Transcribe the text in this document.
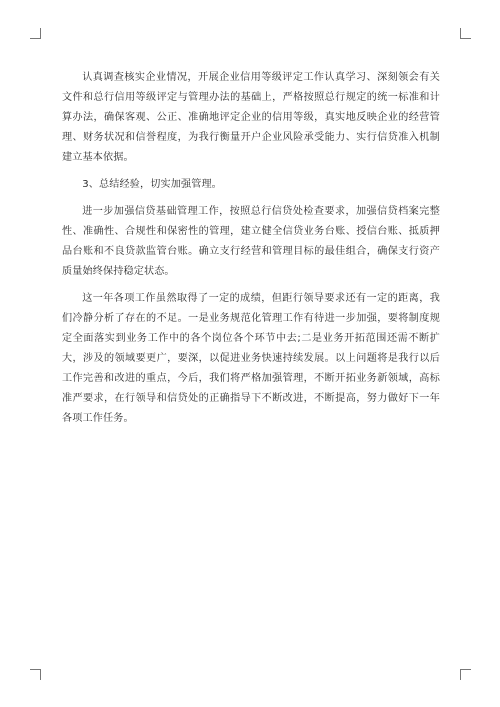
认真调查核实企业情况，开展企业信用等级评定工作认真学习、深刻领会有关文件和总行信用等级评定与管理办法的基础上，严格按照总行规定的统一标准和计算办法，确保客观、公正、准确地评定企业的信用等级，真实地反映企业的经营管理、财务状况和信誉程度，为我行衡量开户企业风险承受能力、实行信贷准入机制建立基本依据。

3、总结经验，切实加强管理。

进一步加强信贷基础管理工作，按照总行信贷处检查要求，加强信贷档案完整性、准确性、合规性和保密性的管理，建立健全信贷业务台账、授信台账、抵质押品台账和不良贷款监管台账。确立支行经营和管理目标的最佳组合，确保支行资产质量始终保持稳定状态。

这一年各项工作虽然取得了一定的成绩，但距行领导要求还有一定的距离，我们冷静分析了存在的不足。一是业务规范化管理工作有待进一步加强，要将制度规定全面落实到业务工作中的各个岗位各个环节中去;二是业务开拓范围还需不断扩大，涉及的领域要更广，要深，以促进业务快速持续发展。以上问题将是我行以后工作完善和改进的重点，今后，我们将严格加强管理，不断开拓业务新领域，高标准严要求，在行领导和信贷处的正确指导下不断改进，不断提高，努力做好下一年各项工作任务。
